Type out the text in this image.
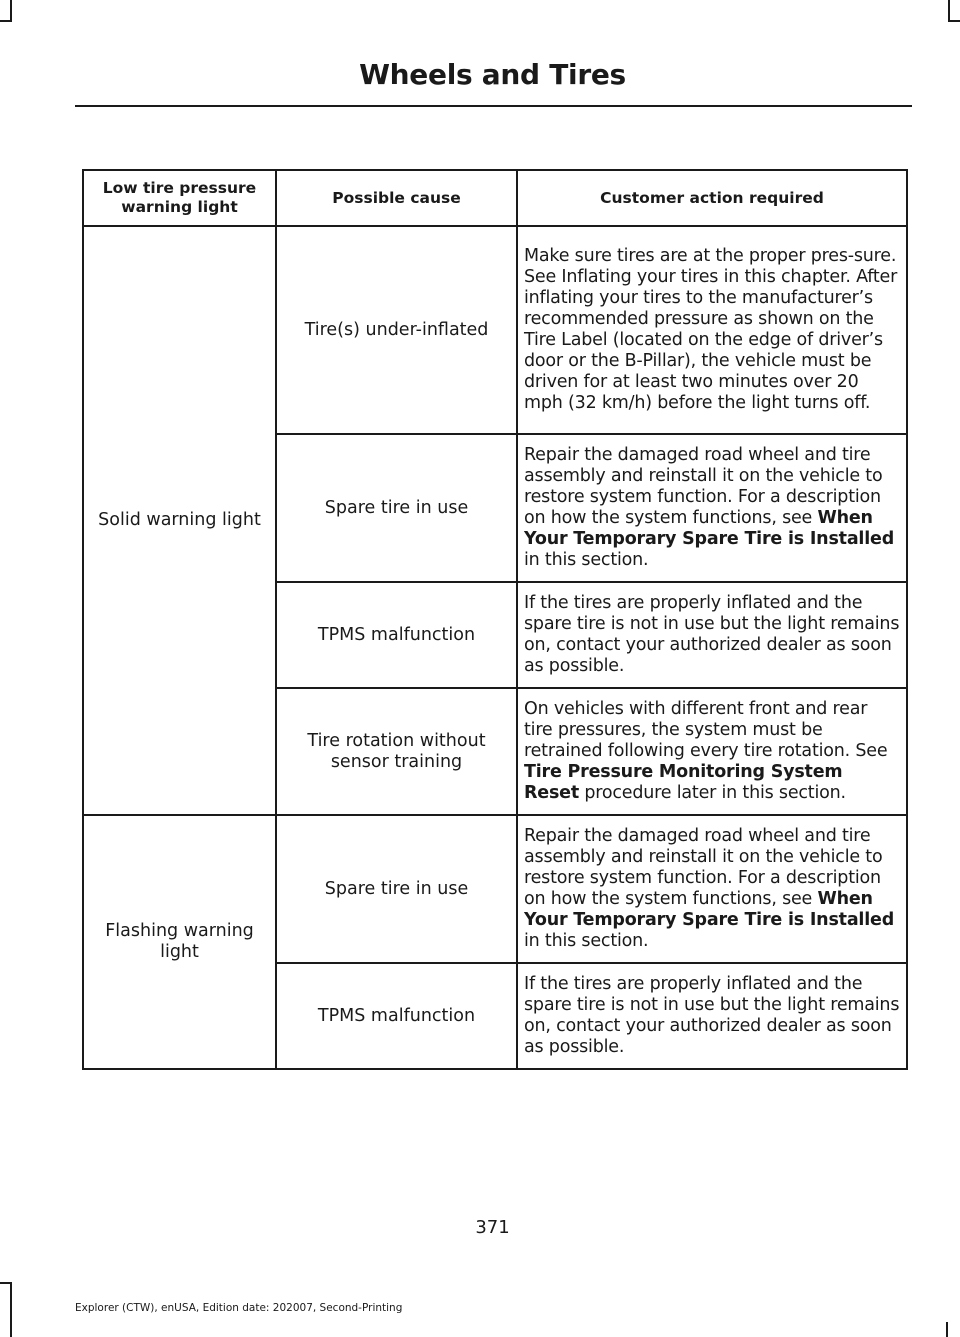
Wheels and Tires
Low tire pressure warning light	Possible cause	Customer action required
Solid warning light	Tire(s) under-inflated	Make sure tires are at the proper pres-sure. See Inflating your tires in this chapter. After inflating your tires to the manufacturer’s recommended pressure as shown on the Tire Label (located on the edge of driver’s door or the B-Pillar), the vehicle must be driven for at least two minutes over 20 mph (32 km/h) before the light turns off.
	Spare tire in use	Repair the damaged road wheel and tire assembly and reinstall it on the vehicle to restore system function. For a description on how the system functions, see When Your Temporary Spare Tire is Installed in this section.
	TPMS malfunction	If the tires are properly inflated and the spare tire is not in use but the light remains on, contact your authorized dealer as soon as possible.
	Tire rotation without sensor training	On vehicles with different front and rear tire pressures, the system must be retrained following every tire rotation. See Tire Pressure Monitoring System Reset procedure later in this section.
Flashing warning light	Spare tire in use	Repair the damaged road wheel and tire assembly and reinstall it on the vehicle to restore system function. For a description on how the system functions, see When Your Temporary Spare Tire is Installed in this section.
	TPMS malfunction	If the tires are properly inflated and the spare tire is not in use but the light remains on, contact your authorized dealer as soon as possible.
371
Explorer (CTW), enUSA, Edition date: 202007, Second-Printing
